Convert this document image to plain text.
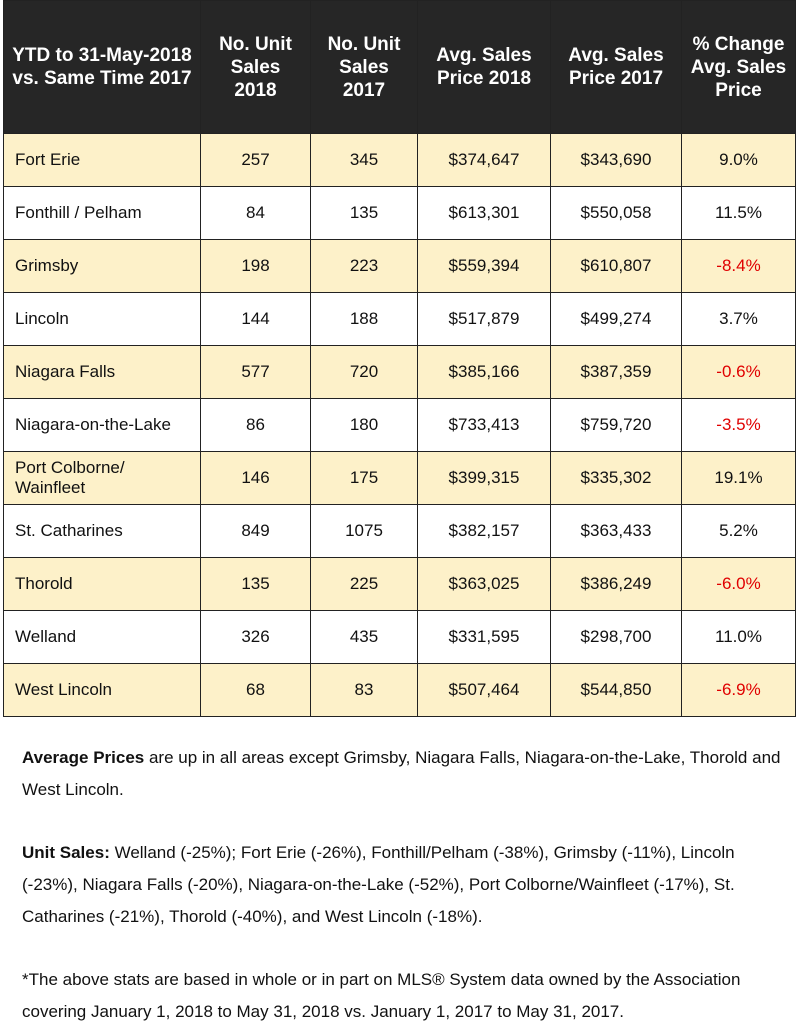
YTD to 31-May-2018 vs. Same Time 2017	No. Unit Sales 2018	No. Unit Sales 2017	Avg. Sales Price 2018	Avg. Sales Price 2017	% Change Avg. Sales Price
Fort Erie	257	345	$374,647	$343,690	9.0%
Fonthill / Pelham	84	135	$613,301	$550,058	11.5%
Grimsby	198	223	$559,394	$610,807	-8.4%
Lincoln	144	188	$517,879	$499,274	3.7%
Niagara Falls	577	720	$385,166	$387,359	-0.6%
Niagara-on-the-Lake	86	180	$733,413	$759,720	-3.5%
Port Colborne/ Wainfleet	146	175	$399,315	$335,302	19.1%
St. Catharines	849	1075	$382,157	$363,433	5.2%
Thorold	135	225	$363,025	$386,249	-6.0%
Welland	326	435	$331,595	$298,700	11.0%
West Lincoln	68	83	$507,464	$544,850	-6.9%

Average Prices are up in all areas except Grimsby, Niagara Falls, Niagara-on-the-Lake, Thorold and West Lincoln.

Unit Sales: Welland (-25%); Fort Erie (-26%), Fonthill/Pelham (-38%), Grimsby (-11%), Lincoln (-23%), Niagara Falls (-20%), Niagara-on-the-Lake (-52%), Port Colborne/Wainfleet (-17%), St. Catharines (-21%), Thorold (-40%), and West Lincoln (-18%).

*The above stats are based in whole or in part on MLS® System data owned by the Association covering January 1, 2018 to May 31, 2018 vs. January 1, 2017 to May 31, 2017.
